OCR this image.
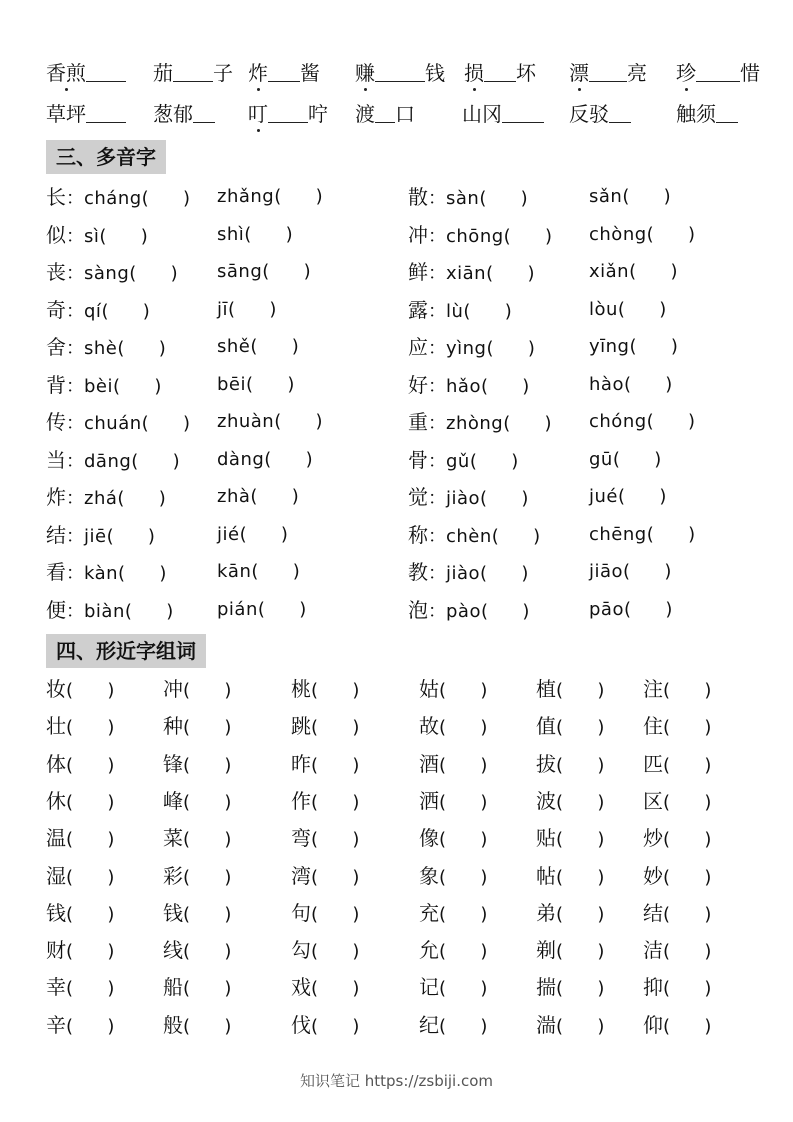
香煎	茄 子 炸 酱 赚	钱 损 坏 漂 亮 珍 惜
草坪	葱郁	叮 咛 渡 口 山冈	反驳	触须
三、多音字
长：cháng(      ) zhǎng(      )	散：sàn(      )	sǎn(      )
似：sì(      )	shì(      )	冲：chōng(      ) chòng(      )
丧：sàng(      ) sāng(      )	鲜：xiān(      )	xiǎn(      )
奇：qí(      )	jī(      )	露：lù(      )	lòu(      )
舍：shè(      )	shě(      )	应：yìng(      )	yīng(      )
背：bèi(      )	bēi(      )	好：hǎo(      )	hào(      )
传：chuán(      ) zhuàn(      )	重：zhòng(      ) chóng(      )
当：dāng(      ) dàng(      )	骨：gǔ(      )	gū(      )
炸：zhá(      )	zhà(      )	觉：jiào(      )	jué(      )
结：jiē(      )	jié(      )	称：chèn(      )	chēng(      )
看：kàn(      )	kān(      )	教：jiào(      )	jiāo(      )
便：biàn(      ) pián(      )	泡：pào(      )	pāo(      )
四、形近字组词
妆(      ) 冲(      )	桃(      )	姑(      ) 植(      ) 注(      )
壮(      ) 种(      )	跳(      )	故(      ) 值(      ) 住(      )
体(      ) 锋(      )	昨(      )	酒(      ) 拔(      ) 匹(      )
休(      ) 峰(      )	作(      )	洒(      ) 波(      ) 区(      )
温(      ) 菜(      )	弯(      )	像(      ) 贴(      ) 炒(      )
湿(      ) 彩(      )	湾(      )	象(      ) 帖(      ) 妙(      )
钱(      ) 钱(      )	句(      )	充(      ) 弟(      ) 结(      )
财(      ) 线(      )	勾(      )	允(      ) 剃(      ) 洁(      )
幸(      ) 船(      )	戏(      )	记(      ) 揣(      ) 抑(      )
辛(      ) 般(      )	伐(      )	纪(      ) 湍(      ) 仰(      )
知识笔记 https://zsbiji.com
